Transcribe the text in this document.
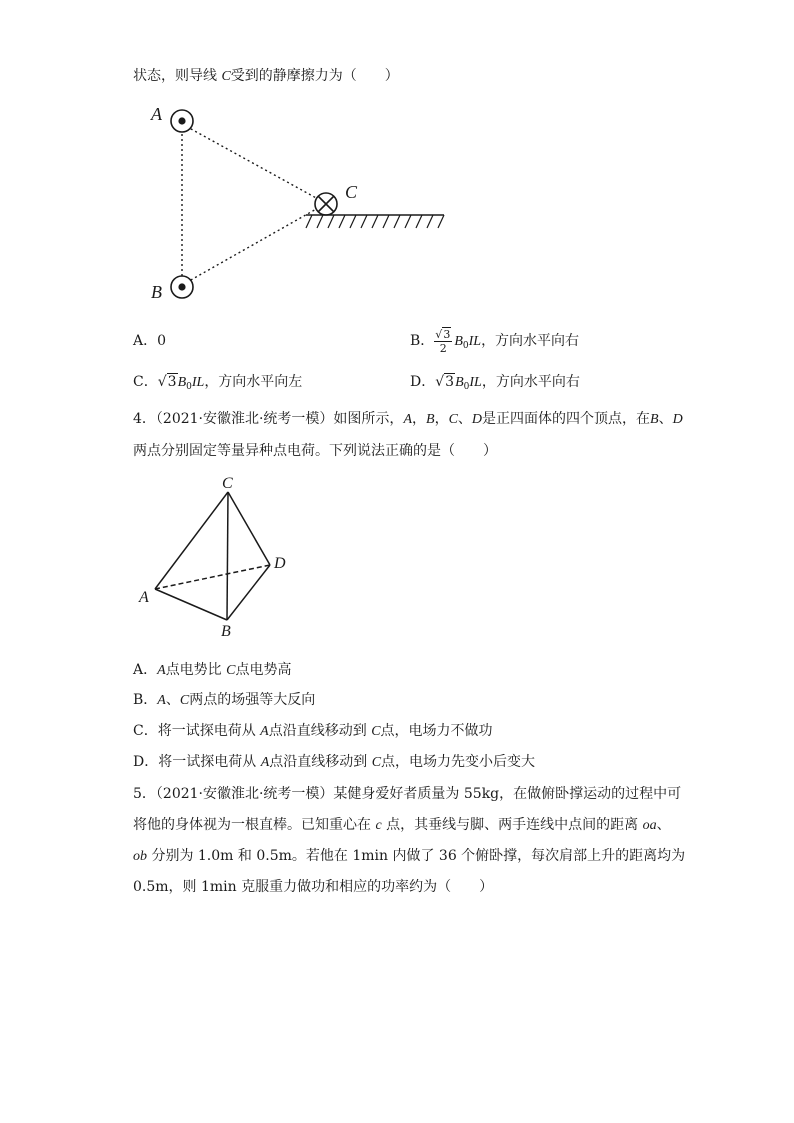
状态，则导线 C受到的静摩擦力为（　　）
A
B
C
A．0	B． $\frac{√3}{2} B_0IL$，方向水平向右
C．$√3B_0IL$，方向水平向左	D．$√3B_0IL$，方向水平向右
4．（2021·安徽淮北·统考一模）如图所示，A，B，C、D是正四面体的四个顶点，在B、D
两点分别固定等量异种点电荷。下列说法正确的是（　　）
C
D
A
B
A．A点电势比 C点电势高
B．A、C两点的场强等大反向
C．将一试探电荷从 A点沿直线移动到 C点，电场力不做功
D．将一试探电荷从 A点沿直线移动到 C点，电场力先变小后变大
5．（2021·安徽淮北·统考一模）某健身爱好者质量为 55kg，在做俯卧撑运动的过程中可
将他的身体视为一根直棒。已知重心在 c 点，其垂线与脚、两手连线中点间的距离 oa、
ob 分别为 1.0m 和 0.5m。若他在 1min 内做了 36 个俯卧撑，每次肩部上升的距离均为
0.5m，则 1min 克服重力做功和相应的功率约为（　　）
